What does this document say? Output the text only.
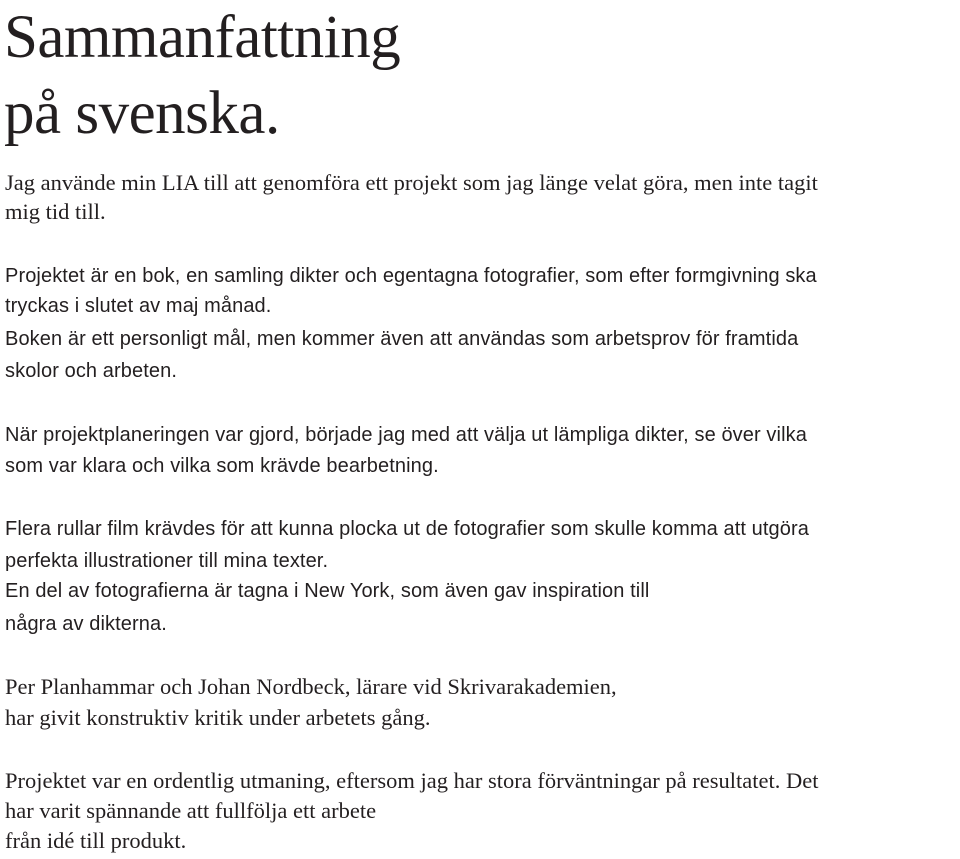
Sammanfattning
på svenska.

Jag använde min LIA till att genomföra ett projekt som jag länge velat göra, men inte tagit

mig tid till.

Projektet är en bok, en samling dikter och egentagna fotografier, som efter formgivning ska

tryckas i slutet av maj månad.

Boken är ett personligt mål, men kommer även att användas som arbetsprov för framtida

skolor och arbeten.

När projektplaneringen var gjord, började jag med att välja ut lämpliga dikter, se över vilka

som var klara och vilka som krävde bearbetning.

Flera rullar film krävdes för att kunna plocka ut de fotografier som skulle komma att utgöra

perfekta illustrationer till mina texter.

En del av fotografierna är tagna i New York, som även gav inspiration till

några av dikterna.

Per Planhammar och Johan Nordbeck, lärare vid Skrivarakademien,

har givit konstruktiv kritik under arbetets gång.

Projektet var en ordentlig utmaning, eftersom jag har stora förväntningar på resultatet. Det

har varit spännande att fullfölja ett arbete

från idé till produkt.
